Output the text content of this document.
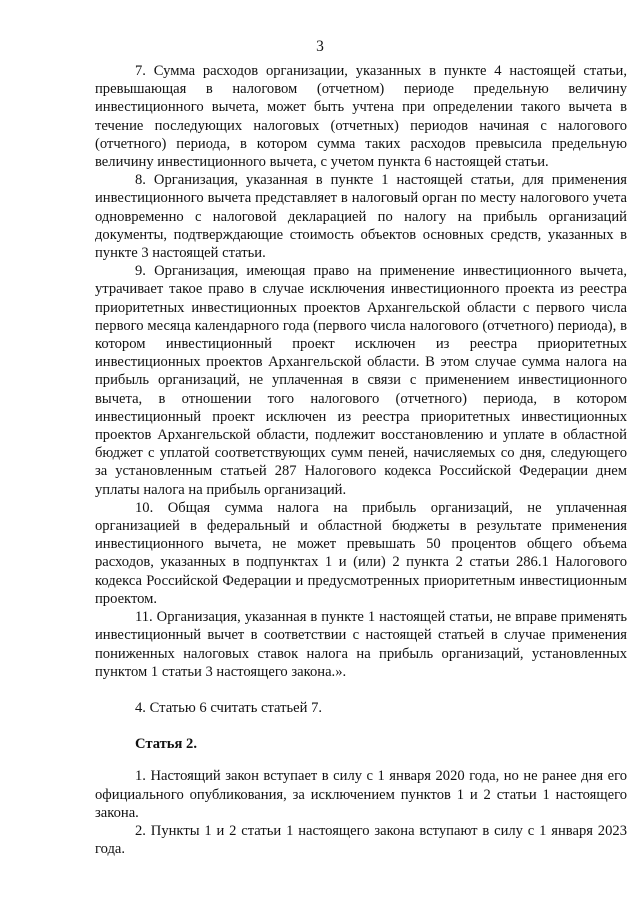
3

7. Сумма расходов организации, указанных в пункте 4 настоящей статьи, превышающая в налоговом (отчетном) периоде предельную величину инвестиционного вычета, может быть учтена при определении такого вычета в течение последующих налоговых (отчетных) периодов начиная с налогового (отчетного) периода, в котором сумма таких расходов превысила предельную величину инвестиционного вычета, с учетом пункта 6 настоящей статьи.

8. Организация, указанная в пункте 1 настоящей статьи, для применения инвестиционного вычета представляет в налоговый орган по месту налогового учета одновременно с налоговой декларацией по налогу на прибыль организаций документы, подтверждающие стоимость объектов основных средств, указанных в пункте 3 настоящей статьи.

9. Организация, имеющая право на применение инвестиционного вычета, утрачивает такое право в случае исключения инвестиционного проекта из реестра приоритетных инвестиционных проектов Архангельской области с первого числа первого месяца календарного года (первого числа налогового (отчетного) периода), в котором инвестиционный проект исключен из реестра приоритетных инвестиционных проектов Архангельской области. В этом случае сумма налога на прибыль организаций, не уплаченная в связи с применением инвестиционного вычета, в отношении того налогового (отчетного) периода, в котором инвестиционный проект исключен из реестра приоритетных инвестиционных проектов Архангельской области, подлежит восстановлению и уплате в областной бюджет с уплатой соответствующих сумм пеней, начисляемых со дня, следующего за установленным статьей 287 Налогового кодекса Российской Федерации днем уплаты налога на прибыль организаций.

10. Общая сумма налога на прибыль организаций, не уплаченная организацией в федеральный и областной бюджеты в результате применения инвестиционного вычета, не может превышать 50 процентов общего объема расходов, указанных в подпунктах 1 и (или) 2 пункта 2 статьи 286.1 Налогового кодекса Российской Федерации и предусмотренных приоритетным инвестиционным проектом.

11. Организация, указанная в пункте 1 настоящей статьи, не вправе применять инвестиционный вычет в соответствии с настоящей статьей в случае применения пониженных налоговых ставок налога на прибыль организаций, установленных пунктом 1 статьи 3 настоящего закона.».

4. Статью 6 считать статьей 7.

Статья 2.

1. Настоящий закон вступает в силу с 1 января 2020 года, но не ранее дня его официального опубликования, за исключением пунктов 1 и 2 статьи 1 настоящего закона.

2. Пункты 1 и 2 статьи 1 настоящего закона вступают в силу с 1 января 2023 года.
